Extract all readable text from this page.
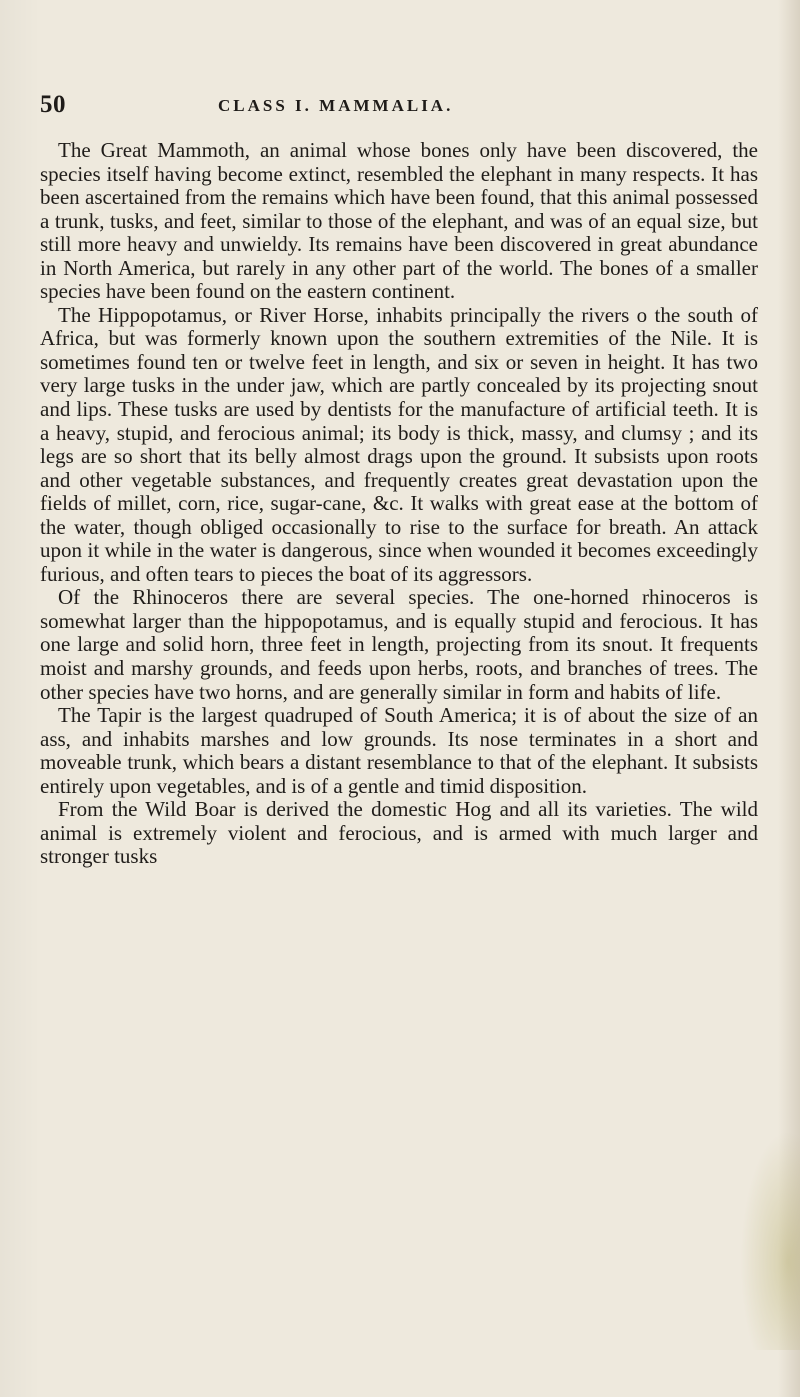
50	CLASS I. MAMMALIA.

The Great Mammoth, an animal whose bones only have been discovered, the species itself having become extinct, resembled the elephant in many respects. It has been ascertained from the remains which have been found, that this animal possessed a trunk, tusks, and feet, similar to those of the elephant, and was of an equal size, but still more heavy and unwieldy. Its remains have been discovered in great abundance in North America, but rarely in any other part of the world. The bones of a smaller species have been found on the eastern continent.

The Hippopotamus, or River Horse, inhabits principally the rivers o the south of Africa, but was formerly known upon the southern extremities of the Nile. It is sometimes found ten or twelve feet in length, and six or seven in height. It has two very large tusks in the under jaw, which are partly concealed by its projecting snout and lips. These tusks are used by dentists for the manufacture of artificial teeth. It is a heavy, stupid, and ferocious animal; its body is thick, massy, and clumsy ; and its legs are so short that its belly almost drags upon the ground. It subsists upon roots and other vegetable substances, and frequently creates great devastation upon the fields of millet, corn, rice, sugar-cane, &c. It walks with great ease at the bottom of the water, though obliged occasionally to rise to the surface for breath. An attack upon it while in the water is dangerous, since when wounded it becomes exceedingly furious, and often tears to pieces the boat of its aggressors.

Of the Rhinoceros there are several species. The one-horned rhinoceros is somewhat larger than the hippopotamus, and is equally stupid and ferocious. It has one large and solid horn, three feet in length, projecting from its snout. It frequents moist and marshy grounds, and feeds upon herbs, roots, and branches of trees. The other species have two horns, and are generally similar in form and habits of life.

The Tapir is the largest quadruped of South America; it is of about the size of an ass, and inhabits marshes and low grounds. Its nose terminates in a short and moveable trunk, which bears a distant resemblance to that of the elephant. It subsists entirely upon vegetables, and is of a gentle and timid disposition.

From the Wild Boar is derived the domestic Hog and all its varieties. The wild animal is extremely violent and ferocious, and is armed with much larger and stronger tusks
